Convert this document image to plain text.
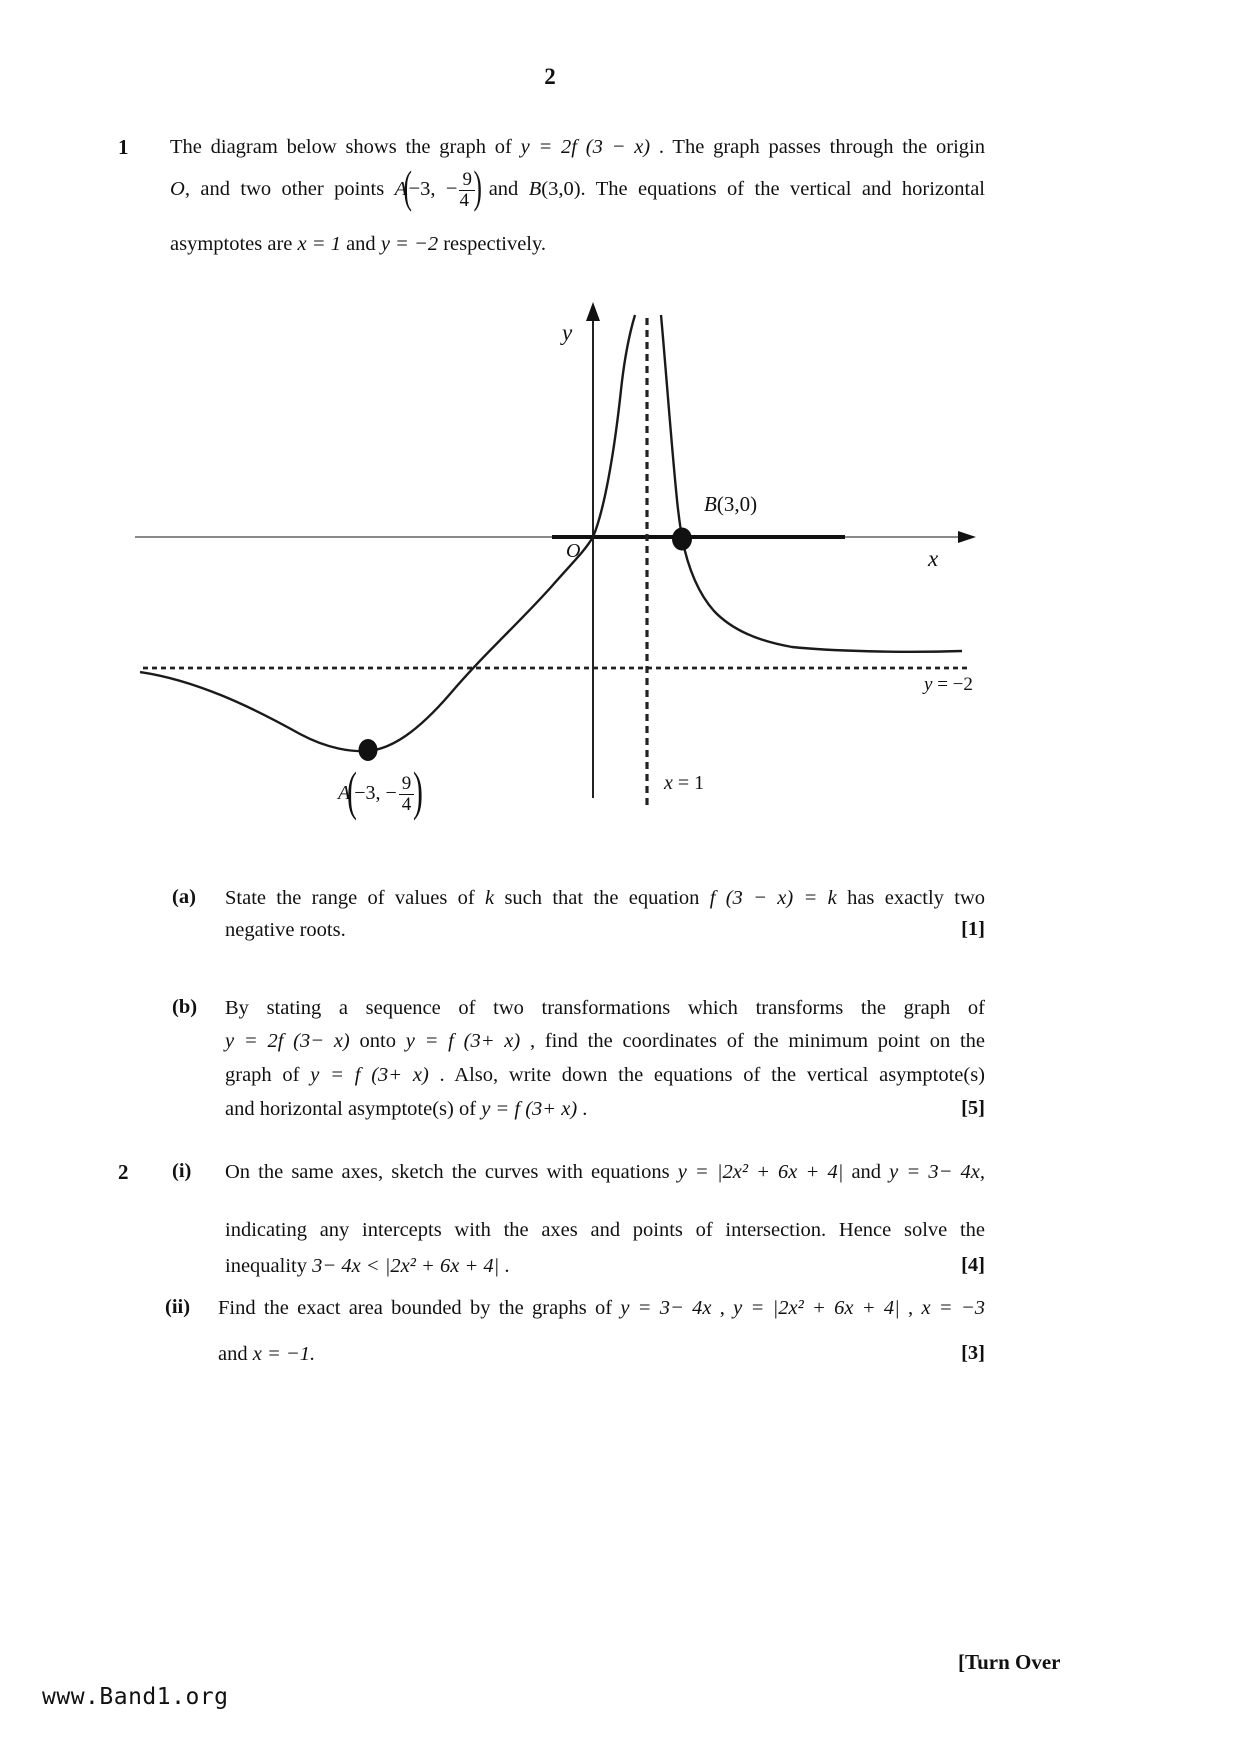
2
1 The diagram below shows the graph of y = 2f (3 − x) . The graph passes through the origin
O, and two other points A(−3, − $\frac{9}{4}$
) and B(3,0). The equations of the vertical and horizontal
asymptotes are x = 1 and y = −2 respectively.
y
x
O
B(3,0)
x = 1
y = −2
A(−3, − $\frac{9}{4}$ )
(a) State the range of values of k such that the equation f (3 − x) = k has exactly two
negative roots.	[1]
(b) By stating a sequence of two transformations which transforms the graph of
y = 2f (3− x) onto y = f (3+ x) , find the coordinates of the minimum point on the
graph of y = f (3+ x) . Also, write down the equations of the vertical asymptote(s)
and horizontal asymptote(s) of y = f (3+ x) .	[5]
2 (i) On the same axes, sketch the curves with equations y = |2x² + 6x + 4| and y = 3− 4x,
indicating any intercepts with the axes and points of intersection. Hence solve the
inequality 3− 4x < |2x² + 6x + 4| .	[4]
(ii) Find the exact area bounded by the graphs of y = 3− 4x , y = |2x² + 6x + 4| , x = −3
and x = −1.	[3]
[Turn Over
www.Band1.org
